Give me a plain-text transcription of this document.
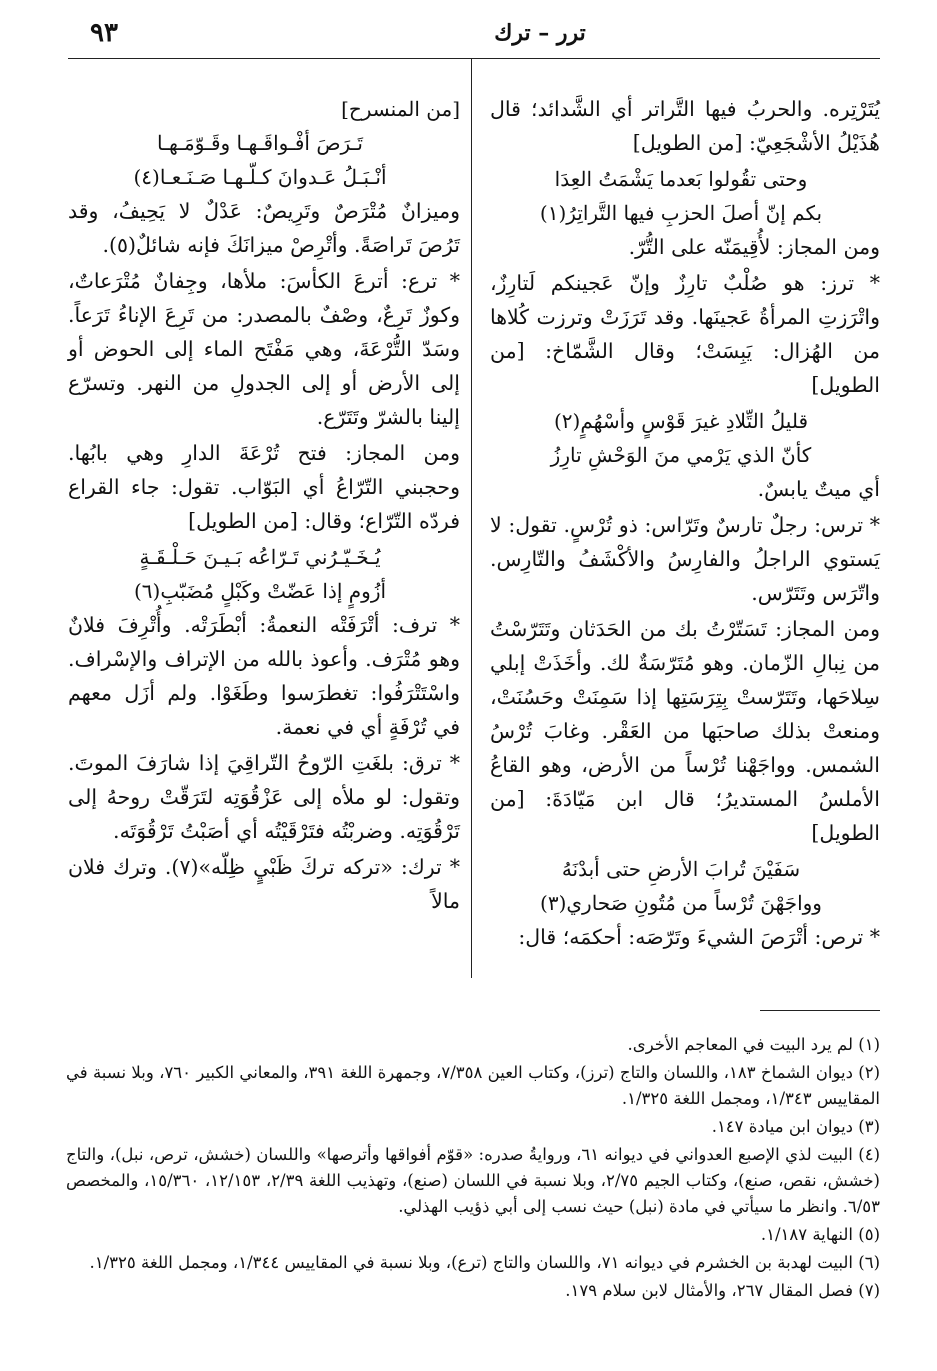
٩٣	ترر – ترك
يُتَرْتِره. والحربُ فيها التَّراتر أي الشَّدائد؛ قال هُذَيْلُ الأشْجَعِيّ: [من الطويل]
وحتى تقُولوا بَعدما يَشْمَتُ العِدَا
بكم إنّ أصلَ الحزبِ فيها التَّراتِرُ(١)
ومن المجاز: لأُقِيمَنّه على التُّرّ.
* ترز: هو صُلْبٌ تارِزٌ وإنّ عَجينكم لَتارِزٌ، واتْرَزتِ المرأةُ عَجينَها. وقد تَرَزَتْ وترزت كُلاها من الهُزال: يَبِسَتْ؛ وقال الشَّمّاخ: [من الطويل]
قليلُ التِّلادِ غيرَ قَوْسٍ وأسْهُمٍ(٢)
كأنّ الذي يَرْمي منَ الوَحْشِ تارِزُ
أي ميتٌ يابسٌ.
* ترس: رجلٌ تارسٌ وتَرّاس: ذو تُرْسٍ. تقول: لا يَستوي الراجلُ والفارِسُ والأكْشَفُ والتّارِس. واتّرَس وتَتَرّس.
ومن المجاز: تَسَتّرْتُ بك من الحَدَثان وتَتَرّسْتُ من نِبالِ الزّمان. وهو مُتَرّسَةٌ لك. وأخَذَتْ إبلي سِلاحَها، وتَتَرّستْ بِتِرَسَتِها إذا سَمِنَتْ وحَسُنَتْ، ومنعتْ بذلك صاحبَها من العَقْر. وغابَ تُرْسُ الشمس. وواجَهْنا تُرْساً من الأرض، وهو القاعُ الأملسُ المستديرُ؛ قال ابن مَيّادَةَ: [من الطويل]
سَفَيْنَ تُرابَ الأرضِ حتى أبدْنَهُ
وواجَهْنَ تُرْساً من مُتُونِ صَحاري(٣)
* ترص: أتْرَصَ الشيءَ وتَرّصَه: أحكمَه؛ قال:
[من المنسرح]
تَـرَصَ أفْـواقَـهـا وقَـوّمَـهـا
أنْـبَـلُ عَـدوانَ كـلّـهـا صَـنَـعـا(٤)
وميزانٌ مُتْرَصٌ وتَرِيصٌ: عَدْلٌ لا يَحِيفُ، وقد تَرُصَ تَراصَةً. وأتْرِصْ ميزانَكَ فإنه شائلٌ(٥).
* ترع: أترعَ الكأسَ: ملأها، وجِفانٌ مُتْرَعاتٌ، وكوزٌ تَرِعٌ، وصْفٌ بالمصدر: من تَرِعَ الإناءُ تَرَعاً. وسَدّ التُّرْعَةَ، وهي مَفْتَح الماء إلى الحوض أو إلى الأرض أو إلى الجدولِ من النهر. وتسرّع إلينا بالشرّ وتَتَرّع.
ومن المجاز: فتح تُرْعَةَ الدارِ وهي بابُها. وحجبني التّرّاعُ أي البَوّاب. تقول: جاء القراع فردّه التّرّاع؛ وقال: [من الطويل]
يُـخَـيّـرُني تَـرّاعُه بَـيـنَ حَـلْـقَـةٍ
أزُومٍ إذا عَضّتْ وكَبْلٍ مُضَبّبِ(٦)
* ترف: أتْرَفَتْه النعمةُ: أبْطَرَتْه. وأُتْرِفَ فلانٌ وهو مُتْرَف. وأعوذ بالله من الإتراف والإسْراف. واسْتَتْرَفُوا: تغطرَسوا وطَغَوْا. ولم أزَل معهم في تُرْفَةٍ أي في نعمة.
* ترق: بلغَتِ الرّوحُ التّراقِيَ إذا شارَفَ الموتَ. وتقول: لو ملأه إلى عَزْقُوَتِه لتَرَقّتْ روحهُ إلى تَرْقُوَتِه. وضربْتُه فتَرْقَيْتُه أي أصَبْتُ تَرْقُوَتَه.
* ترك: «تركه تركَ ظَبْيٍ ظِلّه»(٧). وترك فلان مالاً
(١) لم يرد البيت في المعاجم الأخرى.
(٢) ديوان الشماخ ١٨٣، واللسان والتاج (ترز)، وكتاب العين ٧/٣٥٨، وجمهرة اللغة ٣٩١، والمعاني الكبير ٧٦٠، وبلا نسبة في المقاييس ١/٣٤٣، ومجمل اللغة ١/٣٢٥.
(٣) ديوان ابن ميادة ١٤٧.
(٤) البيت لذي الإصبع العدواني في ديوانه ٦١، وروايةُ صدره: «قوّم أفواقها وأترصها» واللسان (خشش، ترص، نبل)، والتاج (خشش، نقص، صنع)، وكتاب الجيم ٢/٧٥، وبلا نسبة في اللسان (صنع)، وتهذيب اللغة ٢/٣٩، ١٢/١٥٣، ١٥/٣٦٠، والمخصص ٦/٥٣. وانظر ما سيأتي في مادة (نبل) حيث نسب إلى أبي ذؤيب الهذلي.
(٥) النهاية ١/١٨٧.
(٦) البيت لهدبة بن الخشرم في ديوانه ٧١، واللسان والتاج (ترع)، وبلا نسبة في المقاييس ١/٣٤٤، ومجمل اللغة ١/٣٢٥.
(٧) فصل المقال ٢٦٧، والأمثال لابن سلام ١٧٩.
